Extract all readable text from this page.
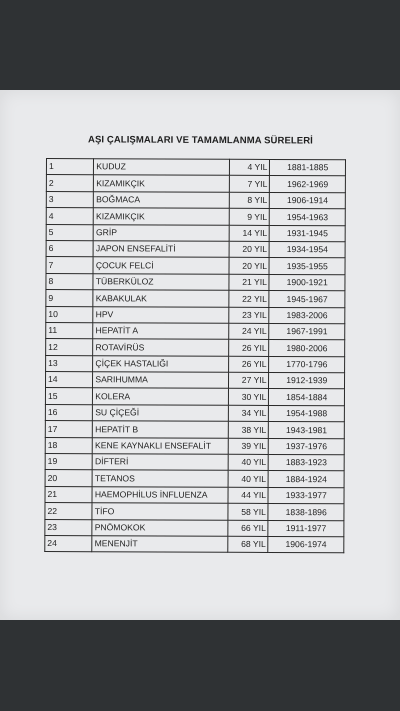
AŞI ÇALIŞMALARI VE TAMAMLANMA SÜRELERİ
1	KUDUZ	4 YIL	1881-1885
2	KIZAMIKÇIK	7 YIL	1962-1969
3	BOĞMACA	8 YIL	1906-1914
4	KIZAMIKÇIK	9 YIL	1954-1963
5	GRİP	14 YIL	1931-1945
6	JAPON ENSEFALİTİ	20 YIL	1934-1954
7	ÇOCUK FELCİ	20 YIL	1935-1955
8	TÜBERKÜLOZ	21 YIL	1900-1921
9	KABAKULAK	22 YIL	1945-1967
10	HPV	23 YIL	1983-2006
11	HEPATİT A	24 YIL	1967-1991
12	ROTAVİRÜS	26 YIL	1980-2006
13	ÇİÇEK HASTALIĞI	26 YIL	1770-1796
14	SARIHUMMA	27 YIL	1912-1939
15	KOLERA	30 YIL	1854-1884
16	SU ÇİÇEĞİ	34 YIL	1954-1988
17	HEPATİT B	38 YIL	1943-1981
18	KENE KAYNAKLI ENSEFALİT	39 YIL	1937-1976
19	DİFTERİ	40 YIL	1883-1923
20	TETANOS	40 YIL	1884-1924
21	HAEMOPHİLUS İNFLUENZA	44 YIL	1933-1977
22	TİFO	58 YIL	1838-1896
23	PNÖMOKOK	66 YIL	1911-1977
24	MENENJİT	68 YIL	1906-1974
